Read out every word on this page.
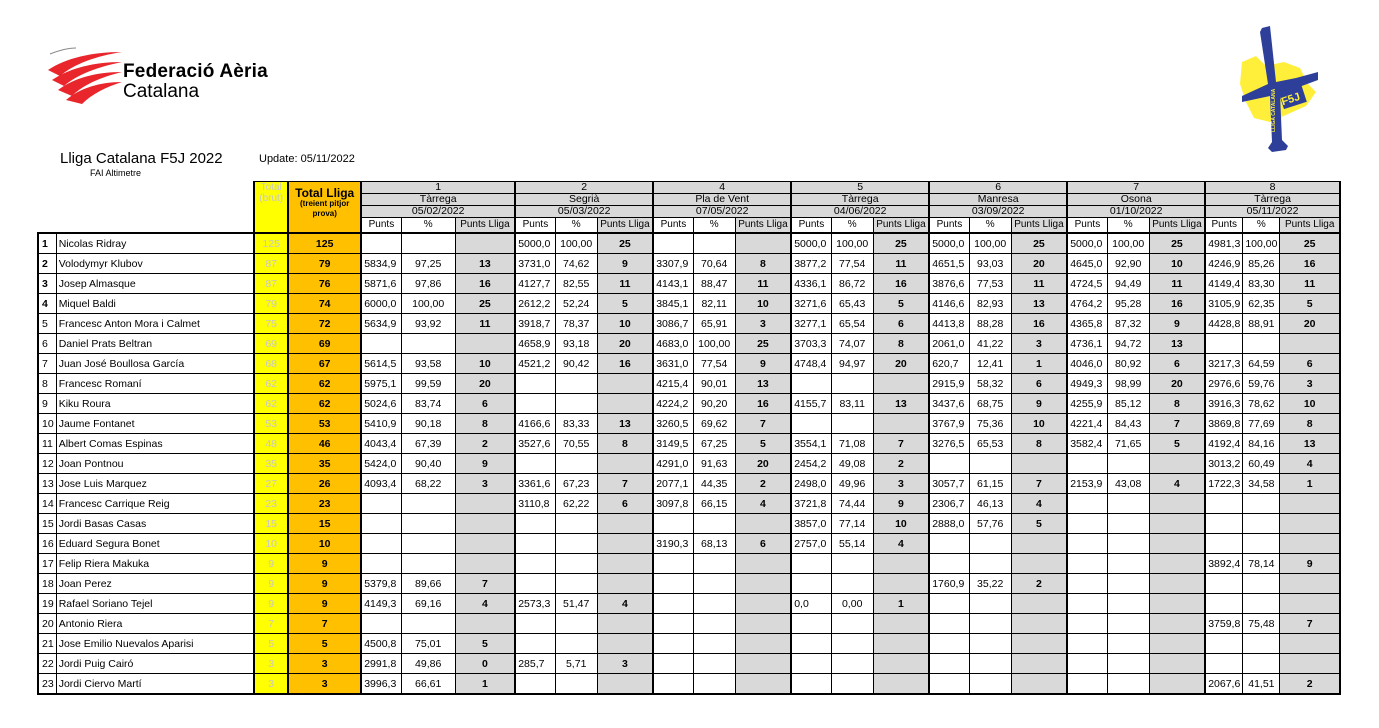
Federació Aèria
Catalana	F5J
LLIGA CATALANA
Lliga Catalana F5J 2022	Update: 05/11/2022
FAI Altimetre

		Total
(brut)	Total Lliga
(treient pitjor prova)	1			2			4			5			6			7			8		
				Tàrrega			Segrià			Pla de Vent			Tàrrega			Manresa			Osona			Tàrrega		
				05/02/2022			05/03/2022			07/05/2022			04/06/2022			03/09/2022			01/10/2022			05/11/2022		
				Punts	%	Punts Lliga	Punts	%	Punts Lliga	Punts	%	Punts Lliga	Punts	%	Punts Lliga	Punts	%	Punts Lliga	Punts	%	Punts Lliga	Punts	%	Punts Lliga
1	Nicolas Ridray	125	125				5000,0	100,00	25				5000,0	100,00	25	5000,0	100,00	25	5000,0	100,00	25	4981,3	100,00	25
2	Volodymyr Klubov	87	79	5834,9	97,25	13	3731,0	74,62	9	3307,9	70,64	8	3877,2	77,54	11	4651,5	93,03	20	4645,0	92,90	10	4246,9	85,26	16
3	Josep Almasque	87	76	5871,6	97,86	16	4127,7	82,55	11	4143,1	88,47	11	4336,1	86,72	16	3876,6	77,53	11	4724,5	94,49	11	4149,4	83,30	11
4	Miquel Baldi	79	74	6000,0	100,00	25	2612,2	52,24	5	3845,1	82,11	10	3271,6	65,43	5	4146,6	82,93	13	4764,2	95,28	16	3105,9	62,35	5
5	Francesc Anton Mora i Calmet	75	72	5634,9	93,92	11	3918,7	78,37	10	3086,7	65,91	3	3277,1	65,54	6	4413,8	88,28	16	4365,8	87,32	9	4428,8	88,91	20
6	Daniel Prats Beltran	69	69				4658,9	93,18	20	4683,0	100,00	25	3703,3	74,07	8	2061,0	41,22	3	4736,1	94,72	13			
7	Juan José Boullosa García	68	67	5614,5	93,58	10	4521,2	90,42	16	3631,0	77,54	9	4748,4	94,97	20	620,7	12,41	1	4046,0	80,92	6	3217,3	64,59	6
8	Francesc Romaní	62	62	5975,1	99,59	20				4215,4	90,01	13				2915,9	58,32	6	4949,3	98,99	20	2976,6	59,76	3
9	Kiku Roura	62	62	5024,6	83,74	6				4224,2	90,20	16	4155,7	83,11	13	3437,6	68,75	9	4255,9	85,12	8	3916,3	78,62	10
10	Jaume Fontanet	53	53	5410,9	90,18	8	4166,6	83,33	13	3260,5	69,62	7				3767,9	75,36	10	4221,4	84,43	7	3869,8	77,69	8
11	Albert Comas Espinas	48	46	4043,4	67,39	2	3527,6	70,55	8	3149,5	67,25	5	3554,1	71,08	7	3276,5	65,53	8	3582,4	71,65	5	4192,4	84,16	13
12	Joan Pontnou	35	35	5424,0	90,40	9				4291,0	91,63	20	2454,2	49,08	2							3013,2	60,49	4
13	Jose Luis Marquez	27	26	4093,4	68,22	3	3361,6	67,23	7	2077,1	44,35	2	2498,0	49,96	3	3057,7	61,15	7	2153,9	43,08	4	1722,3	34,58	1
14	Francesc Carrique Reig	23	23				3110,8	62,22	6	3097,8	66,15	4	3721,8	74,44	9	2306,7	46,13	4						
15	Jordi Basas Casas	15	15										3857,0	77,14	10	2888,0	57,76	5						
16	Eduard Segura Bonet	10	10							3190,3	68,13	6	2757,0	55,14	4									
17	Felip Riera Makuka	9	9																			3892,4	78,14	9
18	Joan Perez	9	9	5379,8	89,66	7										1760,9	35,22	2						
19	Rafael Soriano Tejel	9	9	4149,3	69,16	4	2573,3	51,47	4				0,0	0,00	1									
20	Antonio Riera	7	7																			3759,8	75,48	7
21	Jose Emilio Nuevalos Aparisi	5	5	4500,8	75,01	5																		
22	Jordi Puig Cairó	3	3	2991,8	49,86	0	285,7	5,71	3															
23	Jordi Ciervo Martí	3	3	3996,3	66,61	1																2067,6	41,51	2
